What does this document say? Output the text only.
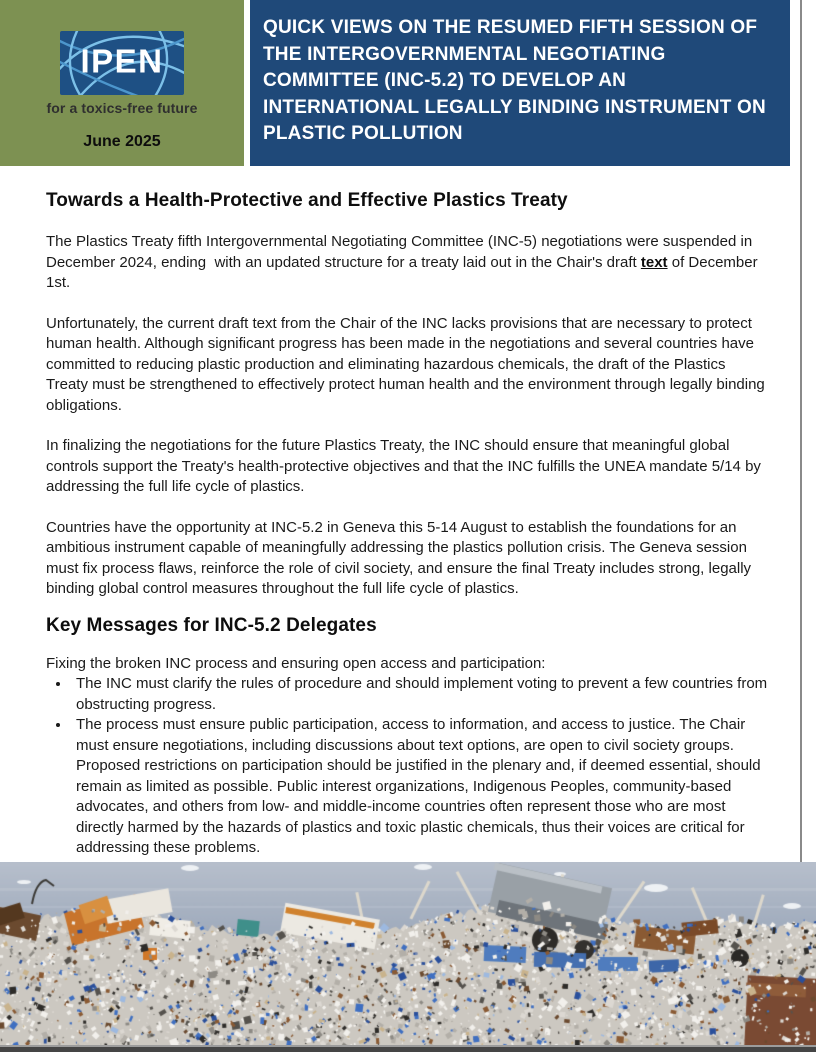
IPEN
for a toxics-free future
June 2025
QUICK VIEWS ON THE RESUMED FIFTH SESSION OF THE INTERGOVERNMENTAL NEGOTIATING COMMITTEE (INC-5.2) TO DEVELOP AN INTERNATIONAL LEGALLY BINDING INSTRUMENT ON PLASTIC POLLUTION
Towards a Health-Protective and Effective Plastics Treaty

The Plastics Treaty fifth Intergovernmental Negotiating Committee (INC-5) negotiations were suspended in December 2024, ending  with an updated structure for a treaty laid out in the Chair's draft text of December 1st.

Unfortunately, the current draft text from the Chair of the INC lacks provisions that are necessary to protect human health. Although significant progress has been made in the negotiations and several countries have committed to reducing plastic production and eliminating hazardous chemicals, the draft of the Plastics Treaty must be strengthened to effectively protect human health and the environment through legally binding obligations.

In finalizing the negotiations for the future Plastics Treaty, the INC should ensure that meaningful global controls support the Treaty's health-protective objectives and that the INC fulfills the UNEA mandate 5/14 by addressing the full life cycle of plastics.

Countries have the opportunity at INC-5.2 in Geneva this 5-14 August to establish the foundations for an ambitious instrument capable of meaningfully addressing the plastics pollution crisis. The Geneva session must fix process flaws, reinforce the role of civil society, and ensure the final Treaty includes strong, legally binding global control measures throughout the full life cycle of plastics.

Key Messages for INC-5.2 Delegates

Fixing the broken INC process and ensuring open access and participation:

• The INC must clarify the rules of procedure and should implement voting to prevent a few countries from obstructing progress.
• The process must ensure public participation, access to information, and access to justice. The Chair must ensure negotiations, including discussions about text options, are open to civil society groups. Proposed restrictions on participation should be justified in the plenary and, if deemed essential, should remain as limited as possible. Public interest organizations, Indigenous Peoples, community-based advocates, and others from low- and middle-income countries often represent those who are most directly harmed by the hazards of plastics and toxic plastic chemicals, thus their voices are critical for addressing these problems.
